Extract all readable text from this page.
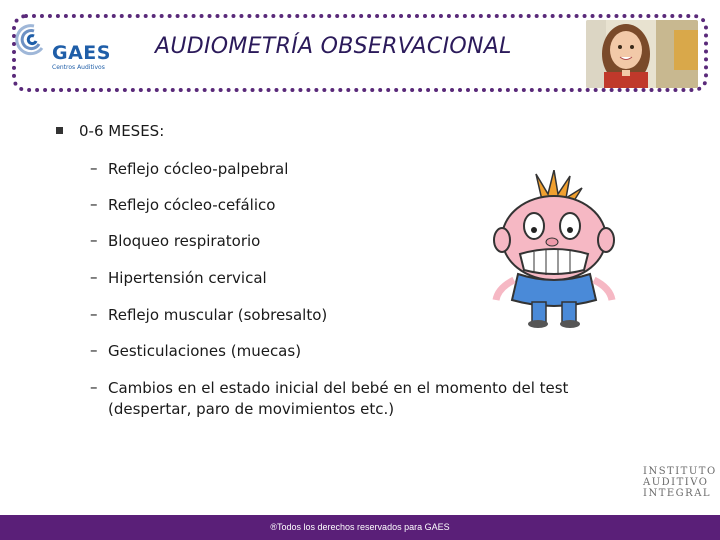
GAES
Centros Auditivos
AUDIOMETRÍA OBSERVACIONAL
0-6 MESES:
– Reflejo cócleo-palpebral
– Reflejo cócleo-cefálico
– Bloqueo respiratorio
– Hipertensión cervical
– Reflejo muscular (sobresalto)
– Gesticulaciones (muecas)
– Cambios en el estado inicial del bebé en el momento del test
(despertar, paro de movimientos etc.)
INSTITUTO
AUDITIVO
INTEGRAL
®Todos los derechos reservados para GAES
